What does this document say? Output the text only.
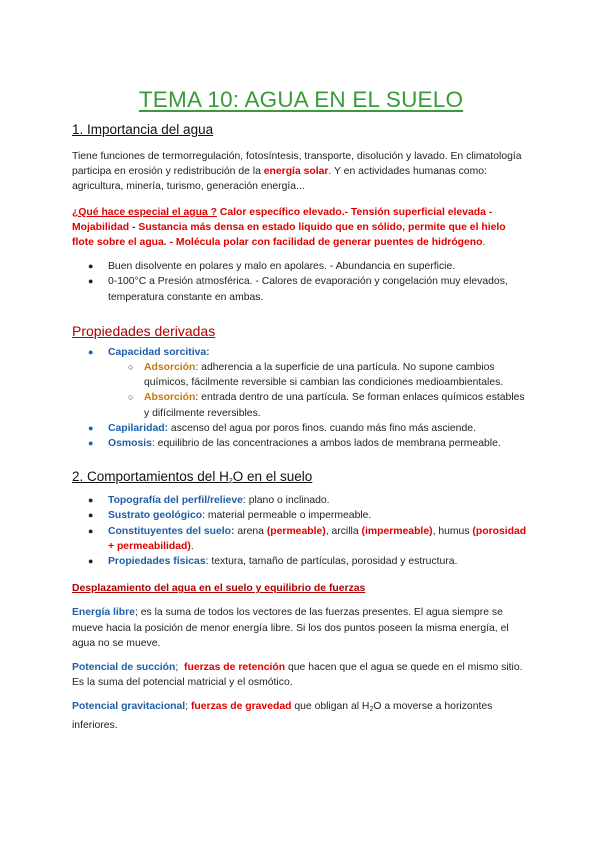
TEMA 10: AGUA EN EL SUELO
1. Importancia del agua

Tiene funciones de termorregulación, fotosíntesis, transporte, disolución y lavado. En climatología participa en erosión y redistribución de la energía solar. Y en actividades humanas como: agricultura, minería, turismo, generación energía...

¿Qué hace especial el agua ? Calor específico elevado.- Tensión superficial elevada - Mojabilidad - Sustancia más densa en estado líquido que en sólido, permite que el hielo flote sobre el agua. - Molécula polar con facilidad de generar puentes de hidrógeno.

● Buen disolvente en polares y malo en apolares. - Abundancia en superficie.
● 0-100°C a Presión atmosférica. - Calores de evaporación y congelación muy elevados, temperatura constante en ambas.
Propiedades derivadas
● Capacidad sorcitiva:
○ Adsorción: adherencia a la superficie de una partícula. No supone cambios químicos, fácilmente reversible si cambian las condiciones medioambientales.
○ Absorción: entrada dentro de una partícula. Se forman enlaces químicos estables y difícilmente reversibles.
● Capilaridad: ascenso del agua por poros finos. cuando más fino más asciende.
● Osmosis: equilibrio de las concentraciones a ambos lados de membrana permeable.
2. Comportamientos del $H_2O$ en el suelo
● Topografía del perfil/relieve: plano o inclinado.
● Sustrato geológico: material permeable o impermeable.
● Constituyentes del suelo: arena (permeable), arcilla (impermeable), humus (porosidad + permeabilidad).
● Propiedades físicas: textura, tamaño de partículas, porosidad y estructura.

Desplazamiento del agua en el suelo y equilibrio de fuerzas

Energía libre; es la suma de todos los vectores de las fuerzas presentes. El agua siempre se mueve hacia la posición de menor energía libre. Si los dos puntos poseen la misma energía, el agua no se mueve.

Potencial de succión;  fuerzas de retención que hacen que el agua se quede en el mismo sitio. Es la suma del potencial matricial y el osmótico.

Potencial gravitacional; fuerzas de gravedad que obligan al $H_2O$ a moverse a horizontes inferiores.
